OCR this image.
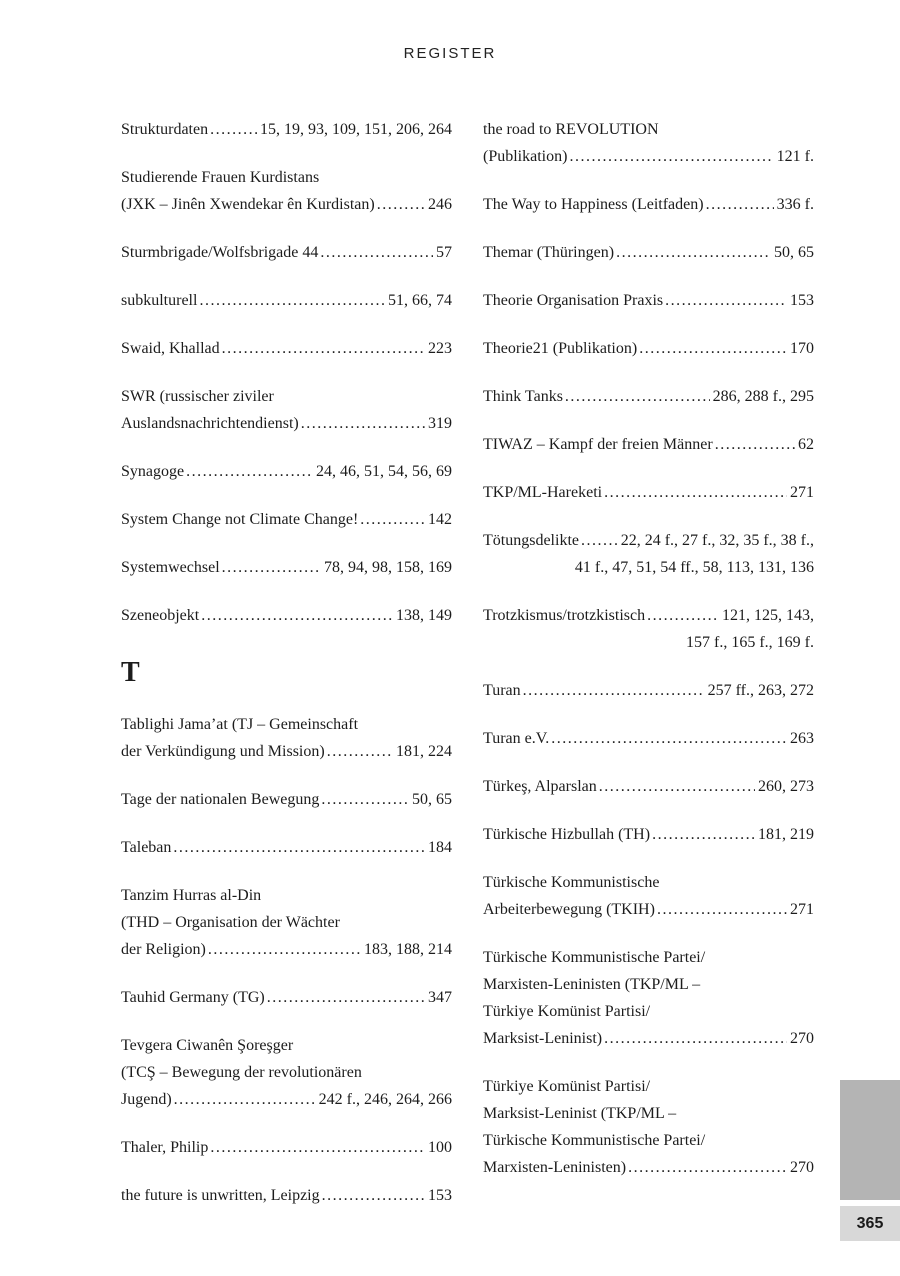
REGISTER
Strukturdaten .....	15, 19, 93, 109, 151, 206, 264
Studierende Frauen Kurdistans
(JXK – Jinên Xwendekar ên Kurdistan) .....	246
Sturmbrigade/Wolfsbrigade 44 .....	57
subkulturell .....	51, 66, 74
Swaid, Khallad .....	223
SWR (russischer ziviler
Auslandsnachrichtendienst) .....	319
Synagoge .....	24, 46, 51, 54, 56, 69
System Change not Climate Change! .....	142
Systemwechsel .....	78, 94, 98, 158, 169
Szeneobjekt .....	138, 149
T
Tablighi Jama’at (TJ – Gemeinschaft
der Verkündigung und Mission) .....	181, 224
Tage der nationalen Bewegung .....	50, 65
Taleban .....	184
Tanzim Hurras al-Din
(THD – Organisation der Wächter
der Religion) .....	183, 188, 214
Tauhid Germany (TG) .....	347
Tevgera Ciwanên Şoreşger
(TCŞ – Bewegung der revolutionären
Jugend) .....	242 f., 246, 264, 266
Thaler, Philip .....	100
the future is unwritten, Leipzig .....	153
the road to REVOLUTION
(Publikation) .....	121 f.
The Way to Happiness (Leitfaden) .....	336 f.
Themar (Thüringen) .....	50, 65
Theorie Organisation Praxis .....	153
Theorie21 (Publikation) .....	170
Think Tanks .....	286, 288 f., 295
TIWAZ – Kampf der freien Männer .....	62
TKP/ML-Hareketi .....	271
Tötungsdelikte .....	22, 24 f., 27 f., 32, 35 f., 38 f.,
41 f., 47, 51, 54 ff., 58, 113, 131, 136
Trotzkismus/trotzkistisch .....	121, 125, 143,
157 f., 165 f., 169 f.
Turan .....	257 ff., 263, 272
Turan e.V. .....	263
Türkeş, Alparslan .....	260, 273
Türkische Hizbullah (TH) .....	181, 219
Türkische Kommunistische
Arbeiterbewegung (TKIH) .....	271
Türkische Kommunistische Partei/
Marxisten-Leninisten (TKP/ML –
Türkiye Komünist Partisi/
Marksist-Leninist) .....	270
Türkiye Komünist Partisi/
Marksist-Leninist (TKP/ML –
Türkische Kommunistische Partei/
Marxisten-Leninisten) .....	270
365
